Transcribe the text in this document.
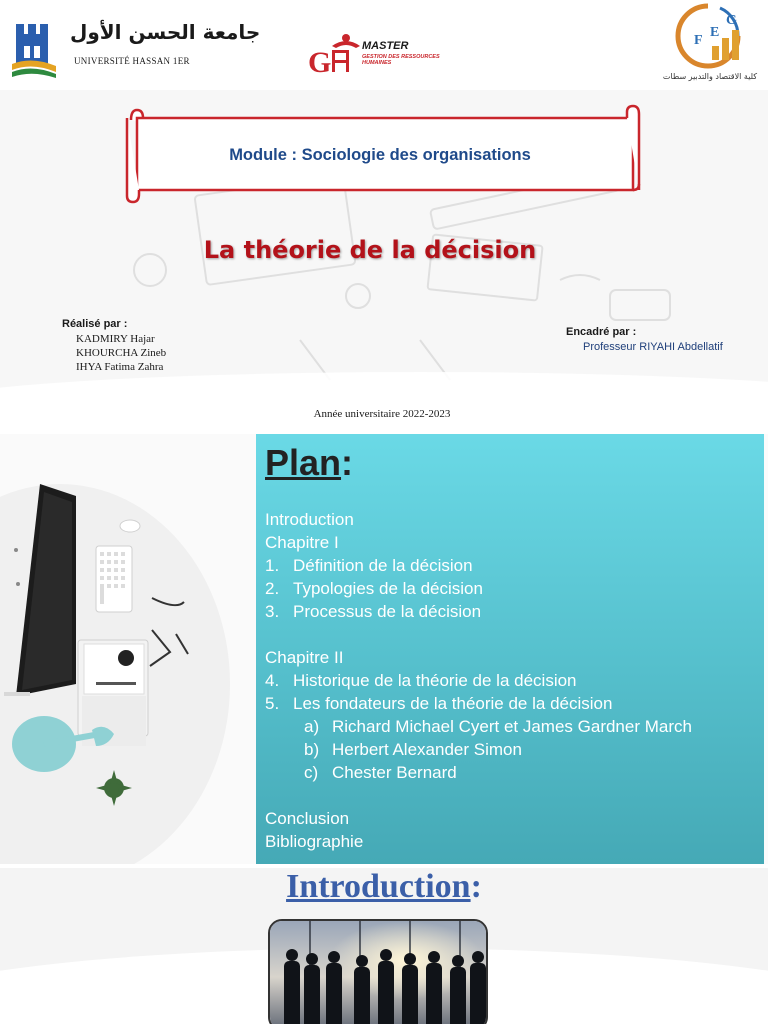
جامعة الحسن الأول
UNIVERSITÉ HASSAN 1ER	G	MASTER
GESTION DES RESSOURCES HUMAINES
F
E
G
كلية الاقتصاد والتدبير سطات
Module : Sociologie des organisations
La théorie de la décision
Réalisé par :
KADMIRY Hajar
KHOURCHA Zineb
IHYA Fatima Zahra
Encadré par :
Professeur RIYAHI Abdellatif
Année universitaire 2022-2023
Plan:
Introduction
Chapitre I
1. Définition de la décision
2. Typologies de la décision
3. Processus de la décision
Chapitre II
4. Historique de la théorie de la décision
5. Les fondateurs de la théorie de la décision
a) Richard Michael Cyert et James Gardner March
b) Herbert Alexander Simon
c) Chester Bernard
Conclusion
Bibliographie
Introduction:
